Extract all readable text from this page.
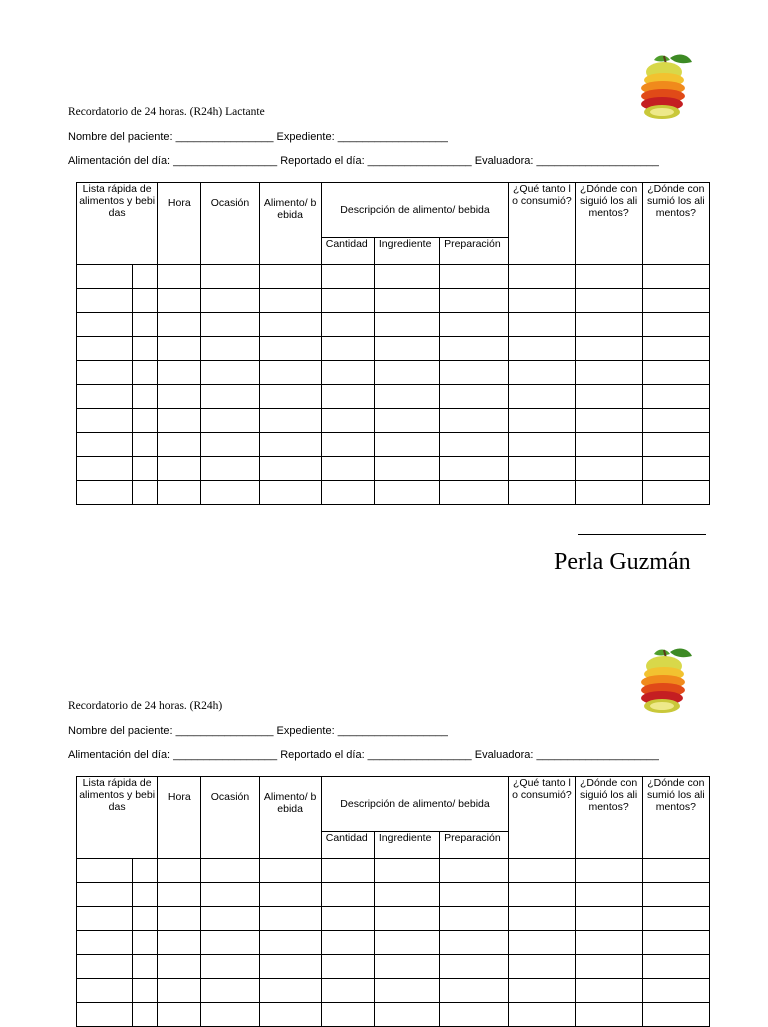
Recordatorio de 24 horas. (R24h) Lactante
Nombre del paciente: ________________ Expediente: __________________
Alimentación del día: _________________ Reportado el día: _________________ Evaluadora: ____________________
Lista rápida de alimentos y bebidas		Hora	Ocasión	Alimento/ bebida	Descripción de alimento/ bebida			¿Qué tanto lo consumió?	¿Dónde consiguió los alimentos?	¿Dónde consumió los alimentos?
					Cantidad	Ingrediente	Preparación			

Perla Guzmán
Recordatorio de 24 horas. (R24h)
Nombre del paciente: ________________ Expediente: __________________
Alimentación del día: _________________ Reportado el día: _________________ Evaluadora: ____________________
Lista rápida de alimentos y bebidas		Hora	Ocasión	Alimento/ bebida	Descripción de alimento/ bebida			¿Qué tanto lo consumió?	¿Dónde consiguió los alimentos?	¿Dónde consumió los alimentos?
					Cantidad	Ingrediente	Preparación			
